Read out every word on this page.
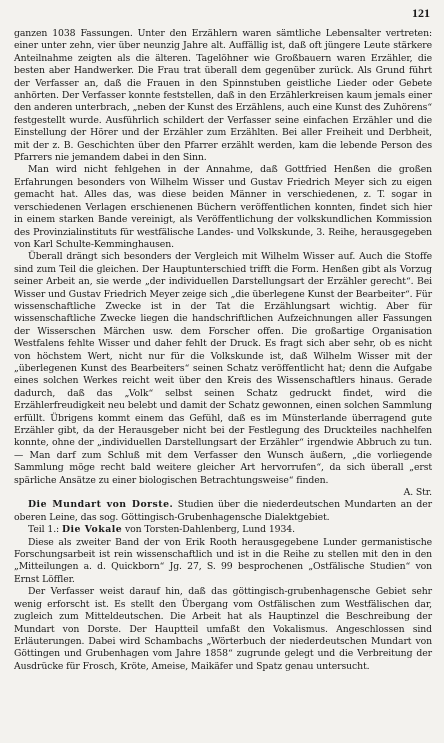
121

ganzen 1038 Fassungen. Unter den Erzählern waren sämtliche Lebensalter vertreten: einer unter zehn, vier über neunzig Jahre alt. Auffällig ist, daß oft jüngere Leute stärkere Anteilnahme zeigten als die älteren. Tagelöhner wie Großbauern waren Erzähler, die besten aber Handwerker. Die Frau trat überall dem gegenüber zurück. Als Grund führt der Verfasser an, daß die Frauen in den Spinnstuben geistliche Lieder oder Gebete anhörten. Der Verfasser konnte feststellen, daß in den Erzählerkreisen kaum jemals einer den anderen unterbrach, „neben der Kunst des Erzählens, auch eine Kunst des Zuhörens“ festgestellt wurde. Ausführlich schildert der Verfasser seine einfachen Erzähler und die Einstellung der Hörer und der Erzähler zum Erzählten. Bei aller Freiheit und Derbheit, mit der z. B. Geschichten über den Pfarrer erzählt werden, kam die lebende Person des Pfarrers nie jemandem dabei in den Sinn.

Man wird nicht fehlgehen in der Annahme, daß Gottfried Henßen die großen Erfahrungen besonders von Wilhelm Wisser und Gustav Friedrich Meyer sich zu eigen gemacht hat. Alles das, was diese beiden Männer in verschiedenen, z. T. sogar in verschiedenen Verlagen erschienenen Büchern veröffentlichen konnten, findet sich hier in einem starken Bande vereinigt, als Veröffentlichung der volkskundlichen Kommission des Provinzialinstituts für westfälische Landes- und Volkskunde, 3. Reihe, herausgegeben von Karl Schulte-Kemminghausen.

Überall drängt sich besonders der Vergleich mit Wilhelm Wisser auf. Auch die Stoffe sind zum Teil die gleichen. Der Hauptunterschied trifft die Form. Henßen gibt als Vorzug seiner Arbeit an, sie werde „der individuellen Darstellungsart der Erzähler gerecht“. Bei Wisser und Gustav Friedrich Meyer zeige sich „die überlegene Kunst der Bearbeiter“. Für wissenschaftliche Zwecke ist in der Tat die Erzählungsart wichtig. Aber für wissenschaftliche Zwecke liegen die handschriftlichen Aufzeichnungen aller Fassungen der Wisserschen Märchen usw. dem Forscher offen. Die großartige Organisation Westfalens fehlte Wisser und daher fehlt der Druck. Es fragt sich aber sehr, ob es nicht von höchstem Wert, nicht nur für die Volkskunde ist, daß Wilhelm Wisser mit der „überlegenen Kunst des Bearbeiters“ seinen Schatz veröffentlicht hat; denn die Aufgabe eines solchen Werkes reicht weit über den Kreis des Wissenschaftlers hinaus. Gerade dadurch, daß das „Volk“ selbst seinen Schatz gedruckt findet, wird die Erzählerfreudigkeit neu belebt und damit der Schatz gewonnen, einen solchen Sammlung erfüllt. Übrigens kommt einem das Gefühl, daß es im Münsterlande überragend gute Erzähler gibt, da der Herausgeber nicht bei der Festlegung des Druckteiles nachhelfen konnte, ohne der „individuellen Darstellungsart der Erzähler“ irgendwie Abbruch zu tun. — Man darf zum Schluß mit dem Verfasser den Wunsch äußern, „die vorliegende Sammlung möge recht bald weitere gleicher Art hervorrufen“, da sich überall „erst spärliche Ansätze zu einer biologischen Betrachtungsweise“ finden.

A. Str.

Die Mundart von Dorste. Studien über die niederdeutschen Mundarten an der oberen Leine, das sog. Göttingisch-Grubenhagensche Dialektgebiet.

Teil 1.: Die Vokale von Torsten-Dahlenberg, Lund 1934.

Diese als zweiter Band der von Erik Rooth herausgegebene Lunder germanistische Forschungsarbeit ist rein wissenschaftlich und ist in die Reihe zu stellen mit den in den „Mitteilungen a. d. Quickborn“ Jg. 27, S. 99 besprochenen „Ostfälische Studien“ von Ernst Löffler.

Der Verfasser weist darauf hin, daß das göttingisch-grubenhagensche Gebiet sehr wenig erforscht ist. Es stellt den Übergang vom Ostfälischen zum Westfälischen dar, zugleich zum Mitteldeutschen. Die Arbeit hat als Hauptinzel die Beschreibung der Mundart von Dorste. Der Hauptteil umfaßt den Vokalismus. Angeschlossen sind Erläuterungen. Dabei wird Schambachs „Wörterbuch der niederdeutschen Mundart von Göttingen und Grubenhagen vom Jahre 1858“ zugrunde gelegt und die Verbreitung der Ausdrücke für Frosch, Kröte, Ameise, Maikäfer und Spatz genau untersucht.
